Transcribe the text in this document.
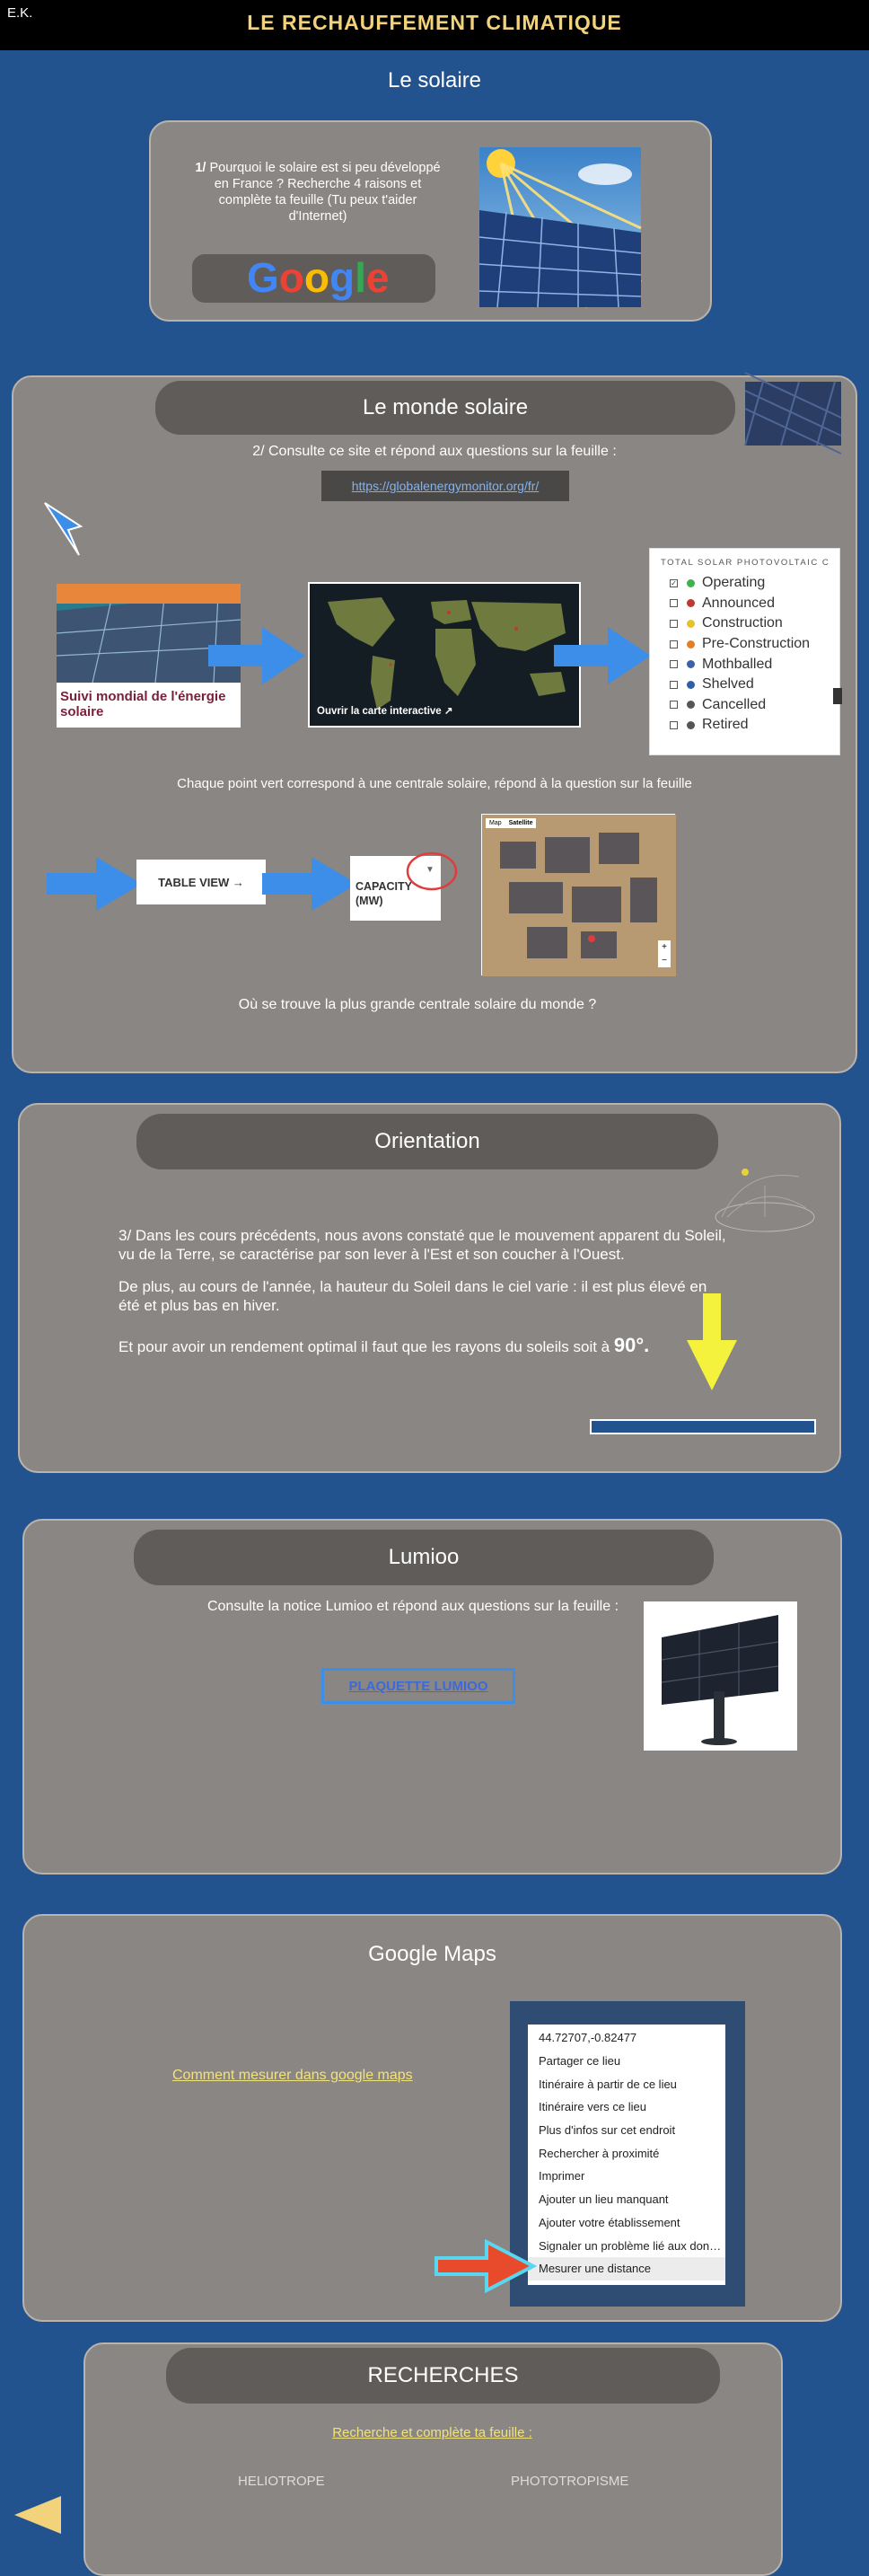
E.K.	LE RECHAUFFEMENT CLIMATIQUE
Le solaire
1/ Pourquoi le solaire est si peu développé en France ? Recherche 4 raisons et complète ta feuille (Tu peux t'aider d'Internet)
Google
Le monde solaire
2/ Consulte ce site et répond aux questions sur la feuille :
https://globalenergymonitor.org/fr/
Suivi mondial de l'énergie solaire	Ouvrir la carte interactive ↗
TOTAL SOLAR PHOTOVOLTAIC C
✓ Operating
Announced
Construction
Pre-Construction
Mothballed
Shelved
Cancelled
Retired
Chaque point vert correspond à une centrale solaire, répond à la question sur la feuille
TABLE VIEW →	CAPACITY (MW)
▼
Map Satellite
+
−
Où se trouve la plus grande centrale solaire du monde ?
Orientation
3/ Dans les cours précédents, nous avons constaté que le mouvement apparent du Soleil, vu de la Terre, se caractérise par son lever à l'Est et son coucher à l'Ouest.
De plus, au cours de l'année, la hauteur du Soleil dans le ciel varie : il est plus élevé en été et plus bas en hiver.
Et pour avoir un rendement optimal il faut que les rayons du soleils soit à 90°.
Lumioo
Consulte la notice Lumioo et répond aux questions sur la feuille :
PLAQUETTE LUMIOO
Google Maps
Comment mesurer dans google maps
44.72707,-0.82477
Partager ce lieu
Itinéraire à partir de ce lieu
Itinéraire vers ce lieu
Plus d'infos sur cet endroit
Rechercher à proximité
Imprimer
Ajouter un lieu manquant
Ajouter votre établissement
Signaler un problème lié aux don…
Mesurer une distance
RECHERCHES
Recherche et complète ta feuille :
HELIOTROPE	PHOTOTROPISME
